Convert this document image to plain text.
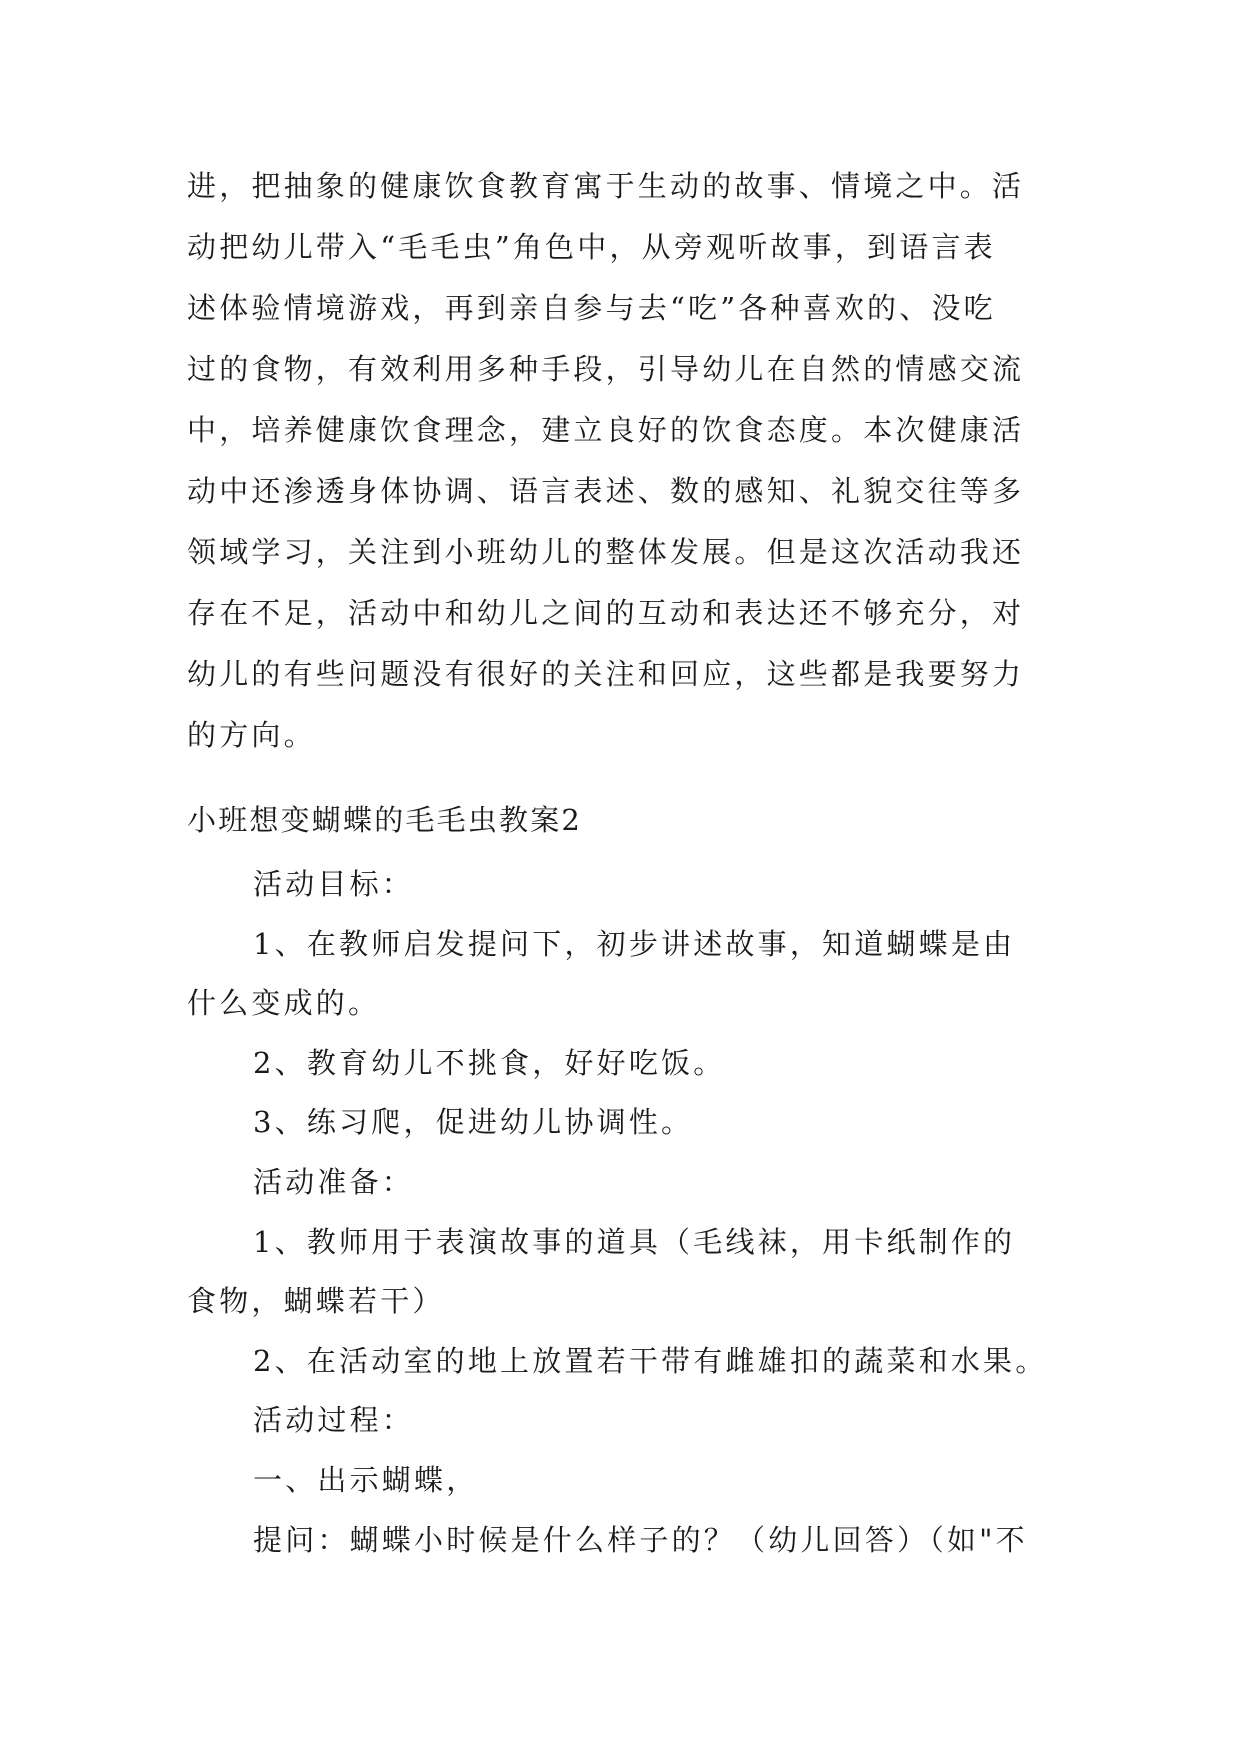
进，把抽象的健康饮食教育寓于生动的故事、情境之中。活
动把幼儿带入“毛毛虫”角色中，从旁观听故事，到语言表
述体验情境游戏，再到亲自参与去“吃”各种喜欢的、没吃
过的食物，有效利用多种手段，引导幼儿在自然的情感交流
中，培养健康饮食理念，建立良好的饮食态度。本次健康活
动中还渗透身体协调、语言表述、数的感知、礼貌交往等多
领域学习，关注到小班幼儿的整体发展。但是这次活动我还
存在不足，活动中和幼儿之间的互动和表达还不够充分，对
幼儿的有些问题没有很好的关注和回应，这些都是我要努力
的方向。
小班想变蝴蝶的毛毛虫教案2
活动目标：
1、在教师启发提问下，初步讲述故事，知道蝴蝶是由
什么变成的。
2、教育幼儿不挑食，好好吃饭。
3、练习爬，促进幼儿协调性。
活动准备：
1、教师用于表演故事的道具（毛线袜，用卡纸制作的
食物，蝴蝶若干）
2、在活动室的地上放置若干带有雌雄扣的蔬菜和水果。
活动过程：
一、出示蝴蝶，
提问：蝴蝶小时候是什么样子的？（幼儿回答）（如"不
